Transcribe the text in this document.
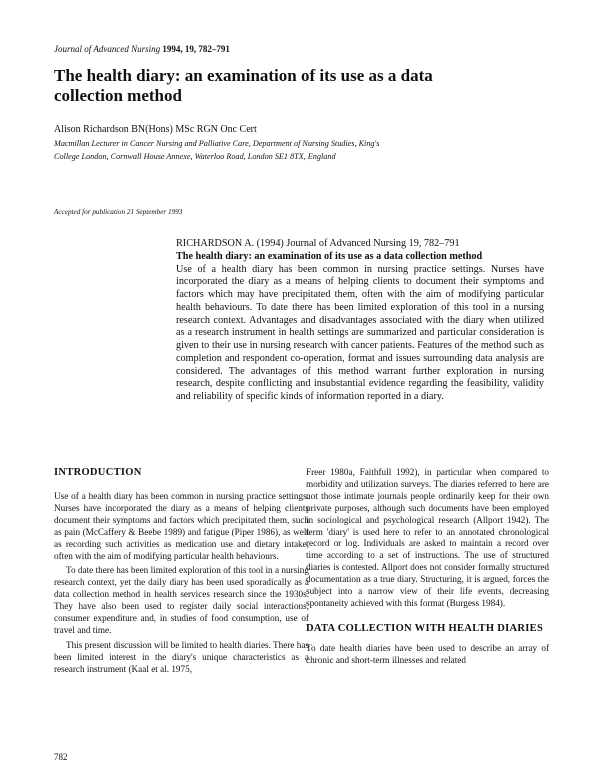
Journal of Advanced Nursing 1994, 19, 782–791
The health diary: an examination of its use as a data collection method
Alison Richardson BN(Hons) MSc RGN Onc Cert
Macmillan Lecturer in Cancer Nursing and Palliative Care, Department of Nursing Studies, King's College London, Cornwall House Annexe, Waterloo Road, London SE1 8TX, England
Accepted for publication 21 September 1993
RICHARDSON A. (1994) Journal of Advanced Nursing 19, 782–791
The health diary: an examination of its use as a data collection method
Use of a health diary has been common in nursing practice settings. Nurses have incorporated the diary as a means of helping clients to document their symptoms and factors which may have precipitated them, often with the aim of modifying particular health behaviours. To date there has been limited exploration of this tool in a nursing research context. Advantages and disadvantages associated with the diary when utilized as a research instrument in health settings are summarized and particular consideration is given to their use in nursing research with cancer patients. Features of the method such as completion and respondent co-operation, format and issues surrounding data analysis are considered. The advantages of this method warrant further exploration in nursing research, despite conflicting and insubstantial evidence regarding the feasibility, validity and reliability of specific kinds of information reported in a diary.
INTRODUCTION

Use of a health diary has been common in nursing practice settings. Nurses have incorporated the diary as a means of helping clients document their symptoms and factors which precipitated them, such as pain (McCaffery & Beebe 1989) and fatigue (Piper 1986), as well as recording such activities as medication use and dietary intake, often with the aim of modifying particular health behaviours.

To date there has been limited exploration of this tool in a nursing research context, yet the daily diary has been used sporadically as a data collection method in health services research since the 1930s. They have also been used to register daily social interactions, consumer expenditure and, in studies of food consumption, use of travel and time.

This present discussion will be limited to health diaries. There has been limited interest in the diary's unique characteristics as a research instrument (Kaal et al. 1975,

Freer 1980a, Faithfull 1992), in particular when compared to morbidity and utilization surveys. The diaries referred to here are not those intimate journals people ordinarily keep for their own private purposes, although such documents have been employed in sociological and psychological research (Allport 1942). The term 'diary' is used here to refer to an annotated chronological record or log. Individuals are asked to maintain a record over time according to a set of instructions. The use of structured diaries is contested. Allport does not consider formally structured documentation as a true diary. Structuring, it is argued, forces the subject into a narrow view of their life events, decreasing spontaneity achieved with this format (Burgess 1984).

DATA COLLECTION WITH HEALTH DIARIES

To date health diaries have been used to describe an array of chronic and short-term illnesses and related

782
